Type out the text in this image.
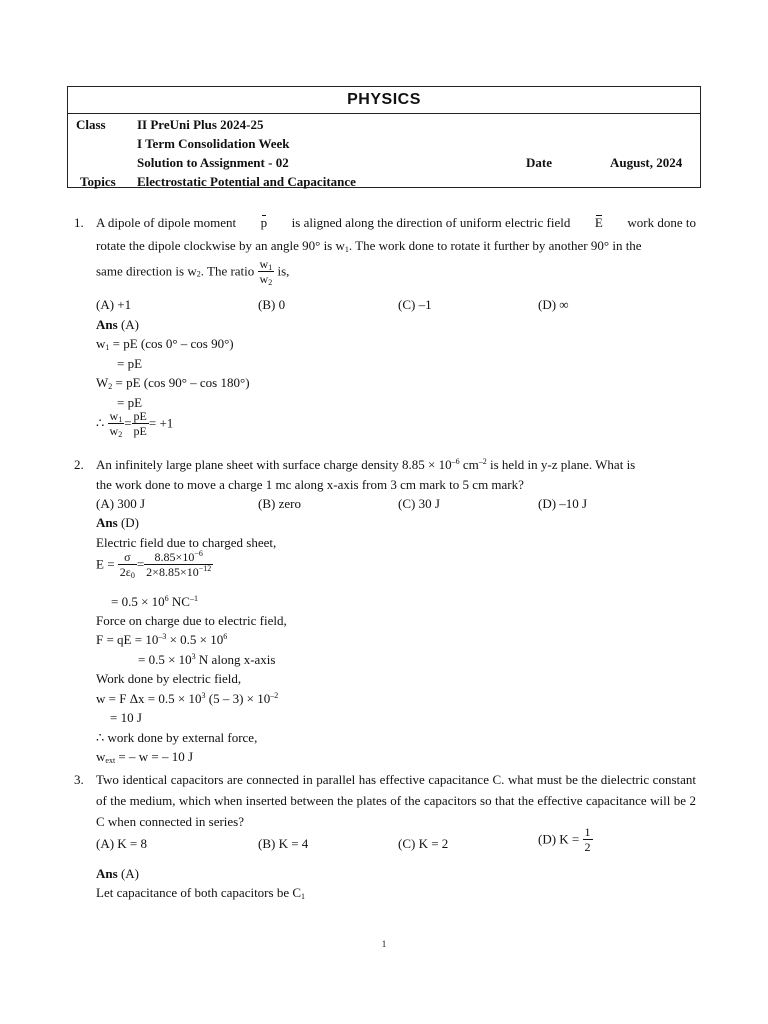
PHYSICS
Class II PreUni Plus 2024-25
I Term Consolidation Week
Solution to Assignment - 02	Date	August, 2024
Topics Electrostatic Potential and Capacitance
1. A dipole of dipole moment p is aligned along the direction of uniform electric field E work done to
rotate the dipole clockwise by an angle 90° is $w_1$. The work done to rotate it further by another 90° in the
same direction is $w_2$. The ratio $\frac{w_1}{w_2}$ is,
(A) +1	(B) 0	(C) –1	(D) ∞
Ans (A)
$w_1$ = pE (cos 0° – cos 90°)
= pE
$W_2$ = pE (cos 90° – cos 180°)
= pE
∴ $\frac{w_1}{w_2} = \frac{pE}{pE} = +1$
2. An infinitely large plane sheet with surface charge density $8.85 \times 10^{-6}$ $cm^{-2}$ is held in y-z plane. What is
the work done to move a charge 1 mc along x-axis from 3 cm mark to 5 cm mark?
(A) 300 J	(B) zero	(C) 30 J	(D) –10 J
Ans (D)
Electric field due to charged sheet,
$E = \frac{\sigma}{2\varepsilon_0} = \frac{8.85\times 10^{-6}}{2\times 8.85\times 10^{-12}}$
= $0.5 \times 10^6$ $NC^{-1}$
Force on charge due to electric field,
F = qE = $10^{-3} \times 0.5 \times 10^6$
= $0.5 \times 10^3$ N along x-axis
Work done by electric field,
w = F $\Delta x = 0.5 \times 10^3$ $(5 - 3) \times 10^{-2}$
= 10 J
∴ work done by external force,
$w_{ext}$ = – w = – 10 J
3. Two identical capacitors are connected in parallel has effective capacitance C. what must be the dielectric constant of the medium, which when inserted between the plates of the capacitors so that the effective capacitance will be 2 C when connected in series?
(A) K = 8	(B) K = 4	(C) K = 2	(D) $K = \frac{1}{2}$
Ans (A)
Let capacitance of both capacitors be $C_1$
1
